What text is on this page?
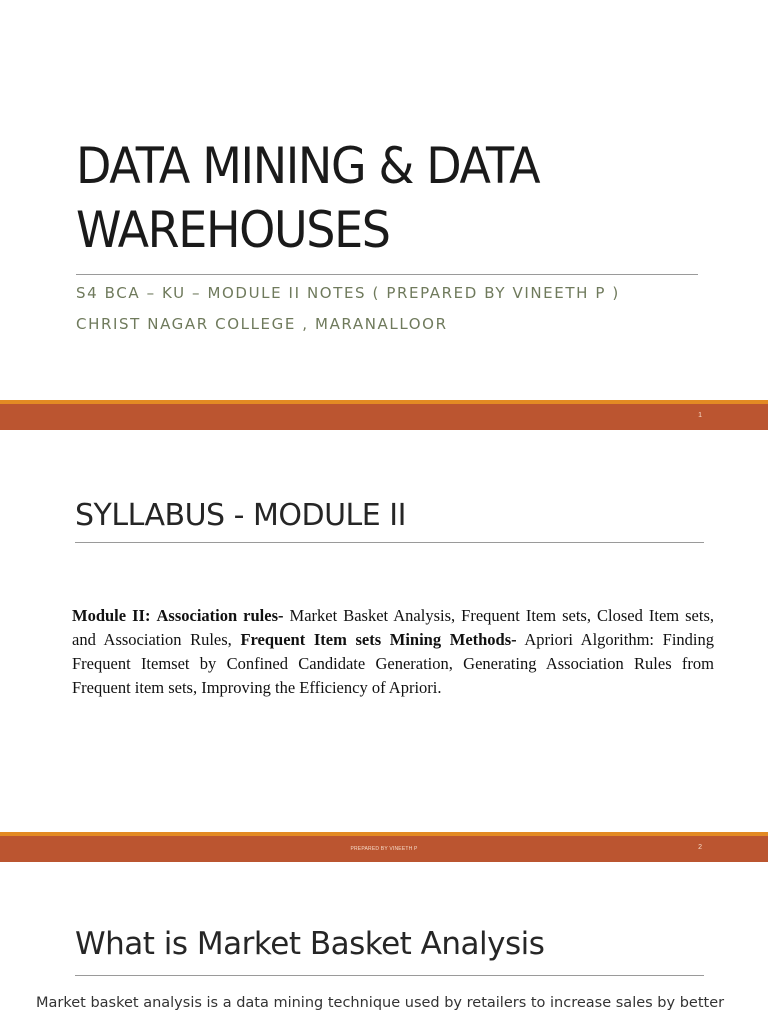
DATA MINING & DATA
WAREHOUSES
S4 BCA – KU – MODULE II NOTES ( PREPARED BY VINEETH P )
CHRIST NAGAR COLLEGE , MARANALLOOR
1
SYLLABUS - MODULE II
Module II: Association rules- Market Basket Analysis, Frequent Item sets, Closed Item sets, and Association Rules, Frequent Item sets Mining Methods- Apriori Algorithm: Finding Frequent Itemset by Confined Candidate Generation, Generating Association Rules from Frequent item sets, Improving the Efficiency of Apriori.
PREPARED BY VINEETH P	2
What is Market Basket Analysis
Market basket analysis is a data mining technique used by retailers to increase sales by better
